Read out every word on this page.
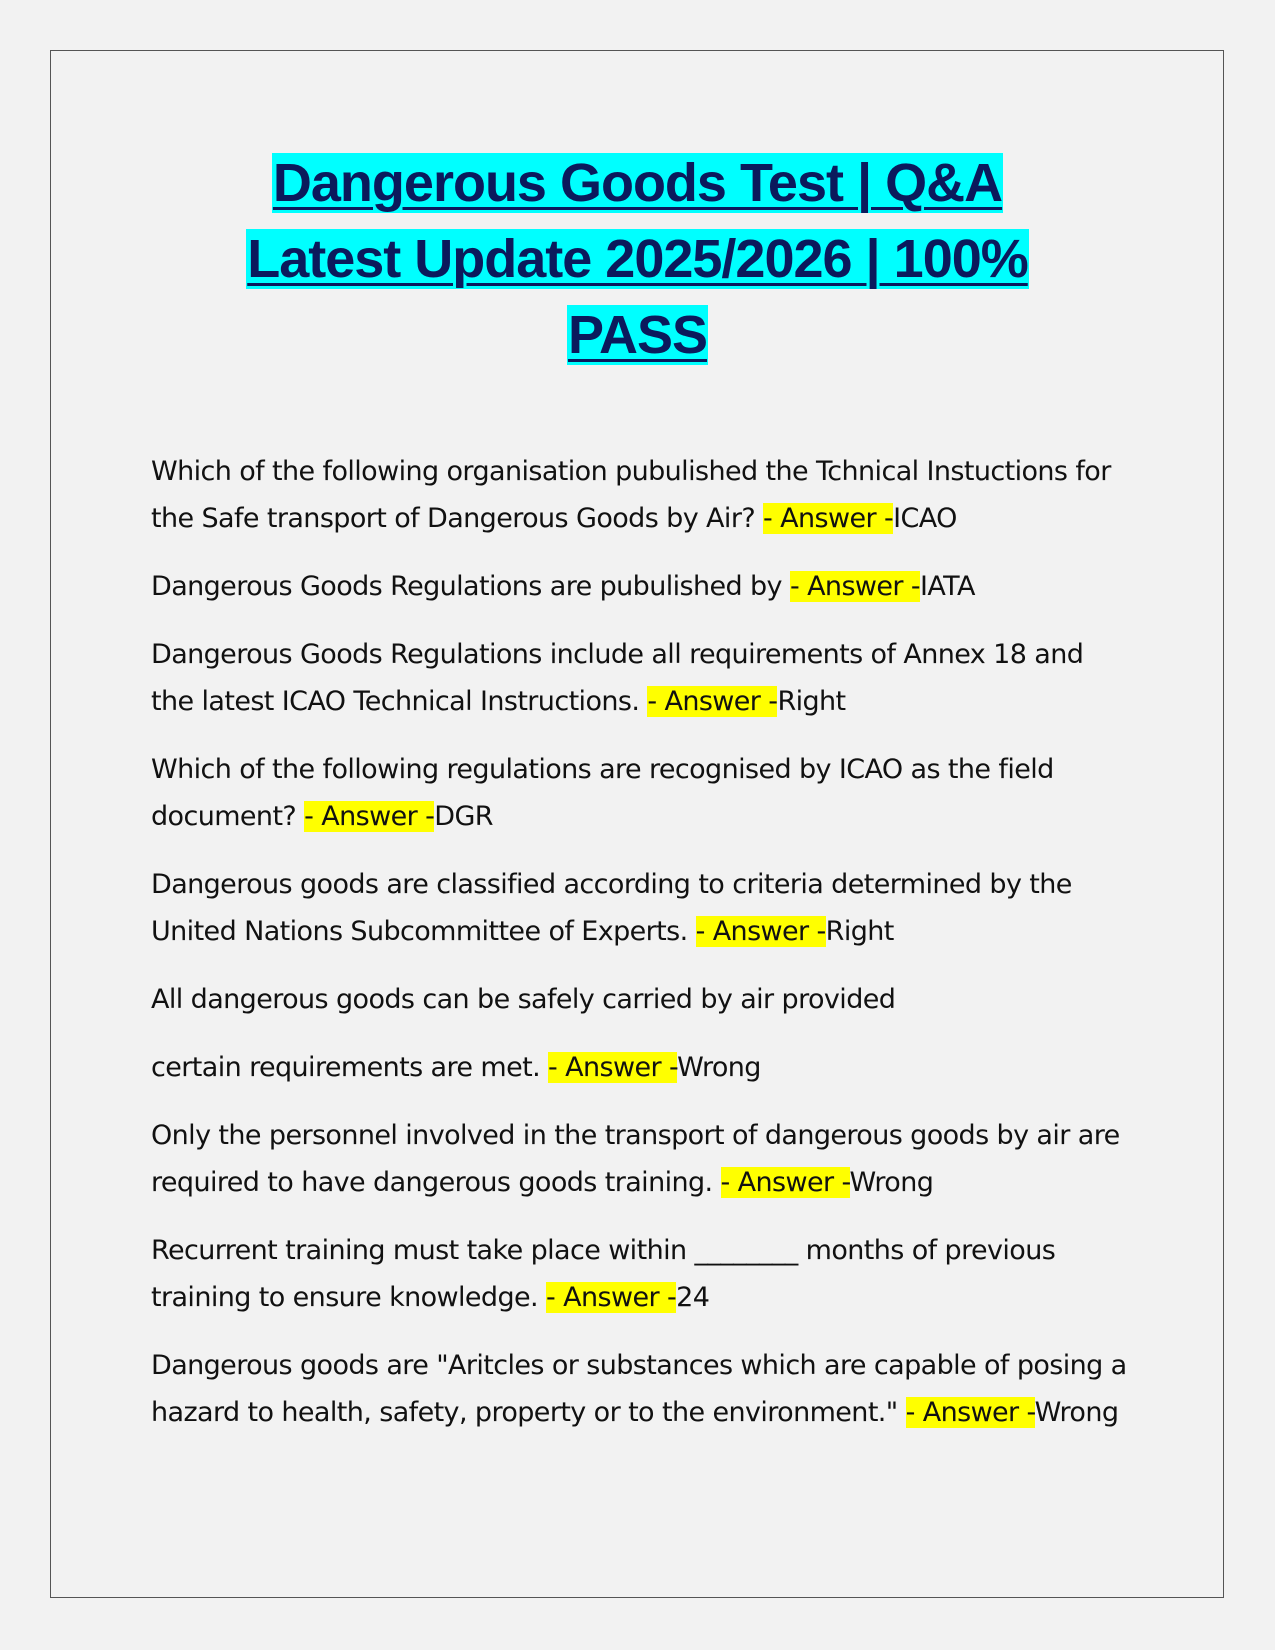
Dangerous Goods Test | Q&A
Latest Update 2025/2026 | 100%
PASS
Which of the following organisation pubulished the Tchnical Instuctions for the Safe transport of Dangerous Goods by Air? - Answer -ICAO
Dangerous Goods Regulations are pubulished by - Answer -IATA
Dangerous Goods Regulations include all requirements of Annex 18 and the latest ICAO Technical Instructions. - Answer -Right
Which of the following regulations are recognised by ICAO as the field document? - Answer -DGR
Dangerous goods are classified according to criteria determined by the United Nations Subcommittee of Experts. - Answer -Right
All dangerous goods can be safely carried by air provided
certain requirements are met. - Answer -Wrong
Only the personnel involved in the transport of dangerous goods by air are required to have dangerous goods training. - Answer -Wrong
Recurrent training must take place within ________ months of previous training to ensure knowledge. - Answer -24
Dangerous goods are "Aritcles or substances which are capable of posing a hazard to health, safety, property or to the environment." - Answer -Wrong
